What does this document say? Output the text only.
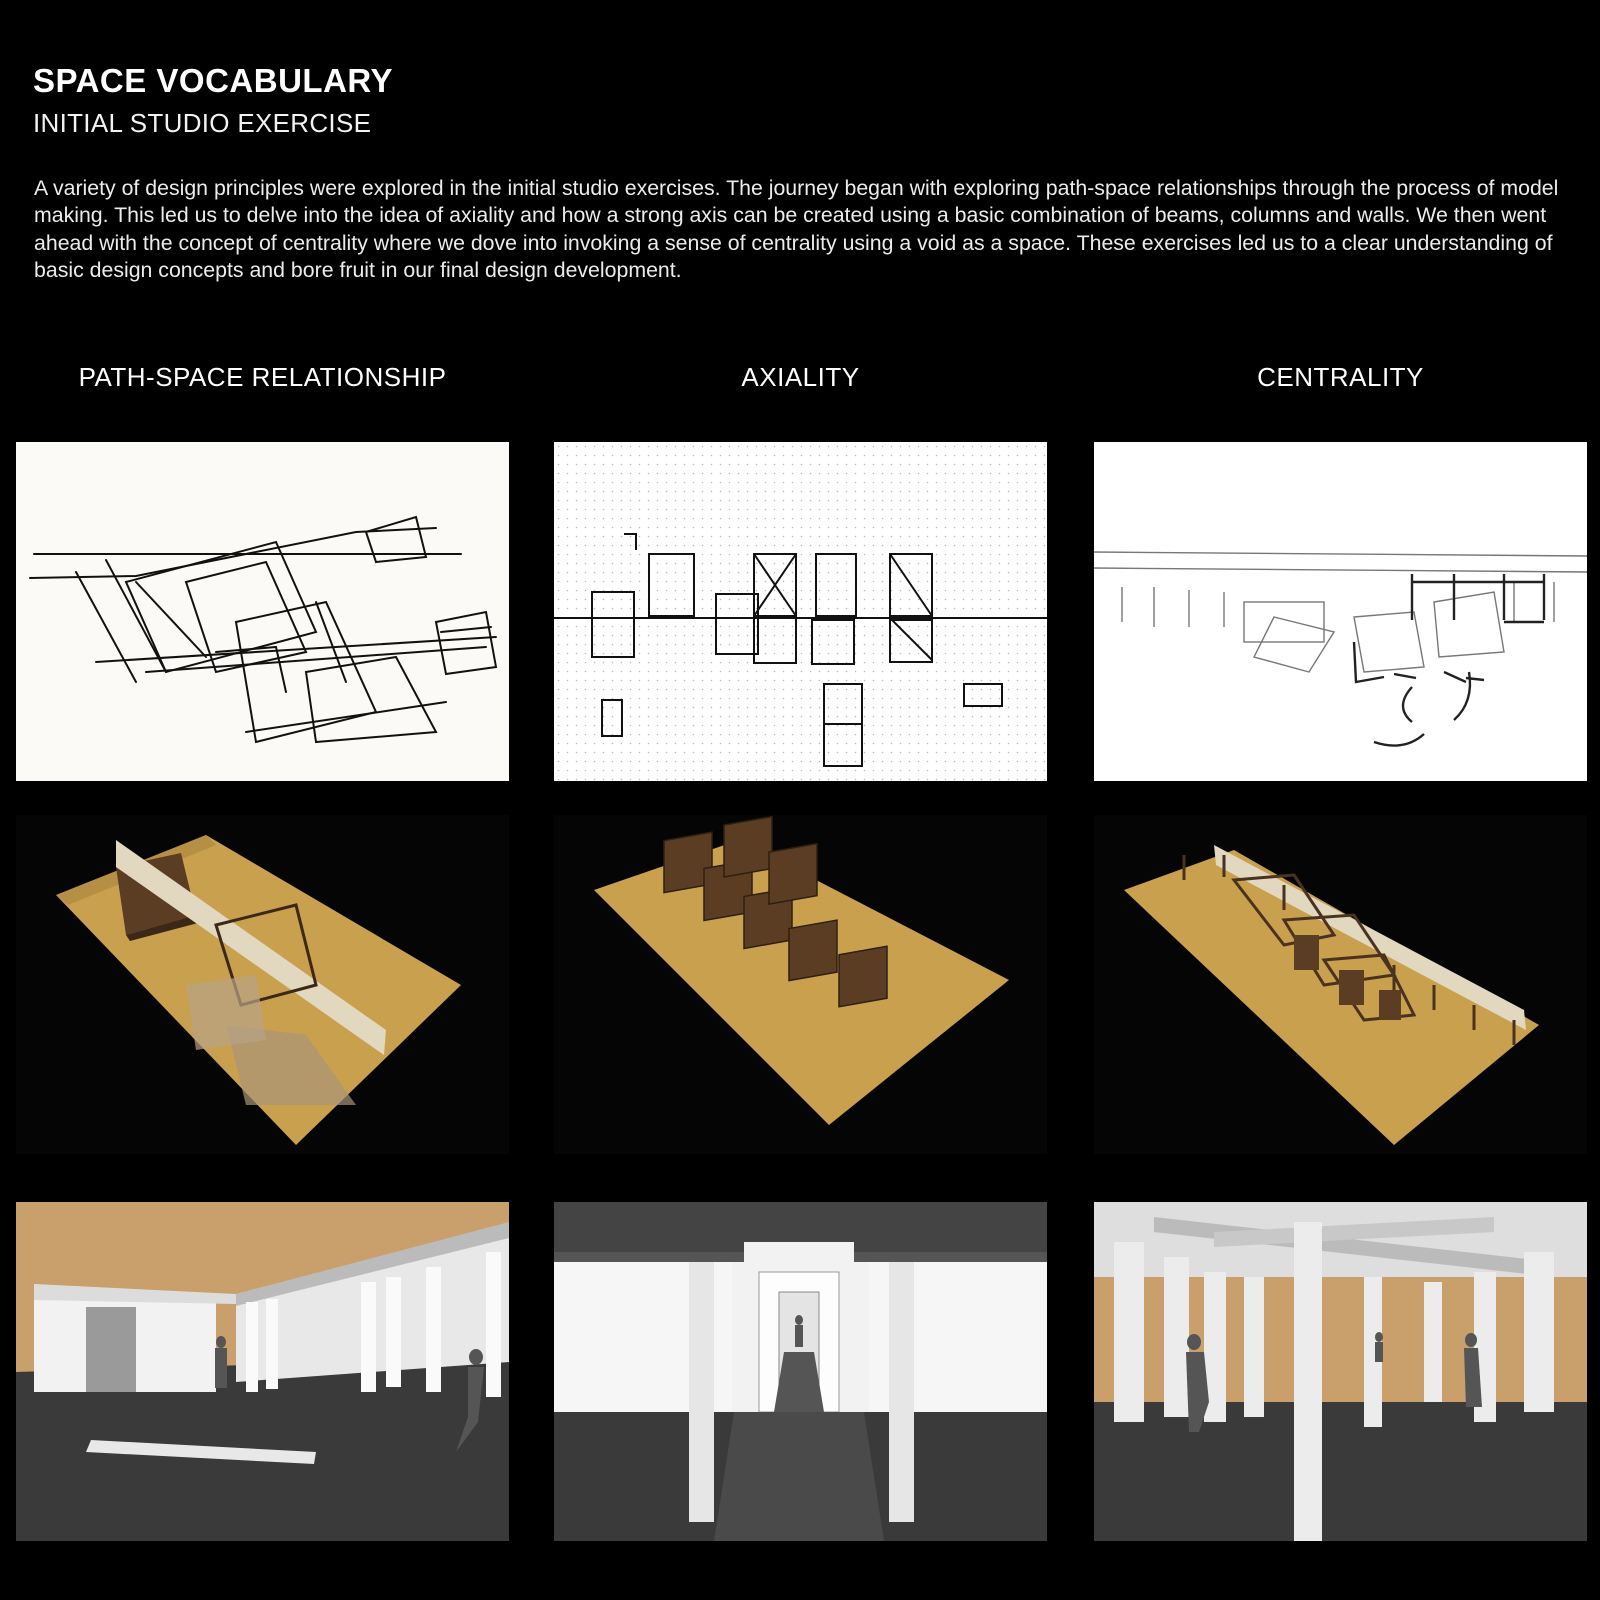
SPACE VOCABULARY
INITIAL STUDIO EXERCISE

A variety of design principles were explored in the initial studio exercises. The journey began with exploring path-space relationships through the process of model making. This led us to delve into the idea of axiality and how a strong axis can be created using a basic combination of beams, columns and walls. We then went ahead with the concept of centrality where we dove into invoking a sense of centrality using a void as a space. These exercises led us to a clear understanding of basic design concepts and bore fruit in our final design development.

PATH-SPACE RELATIONSHIP	AXIALITY	CENTRALITY
